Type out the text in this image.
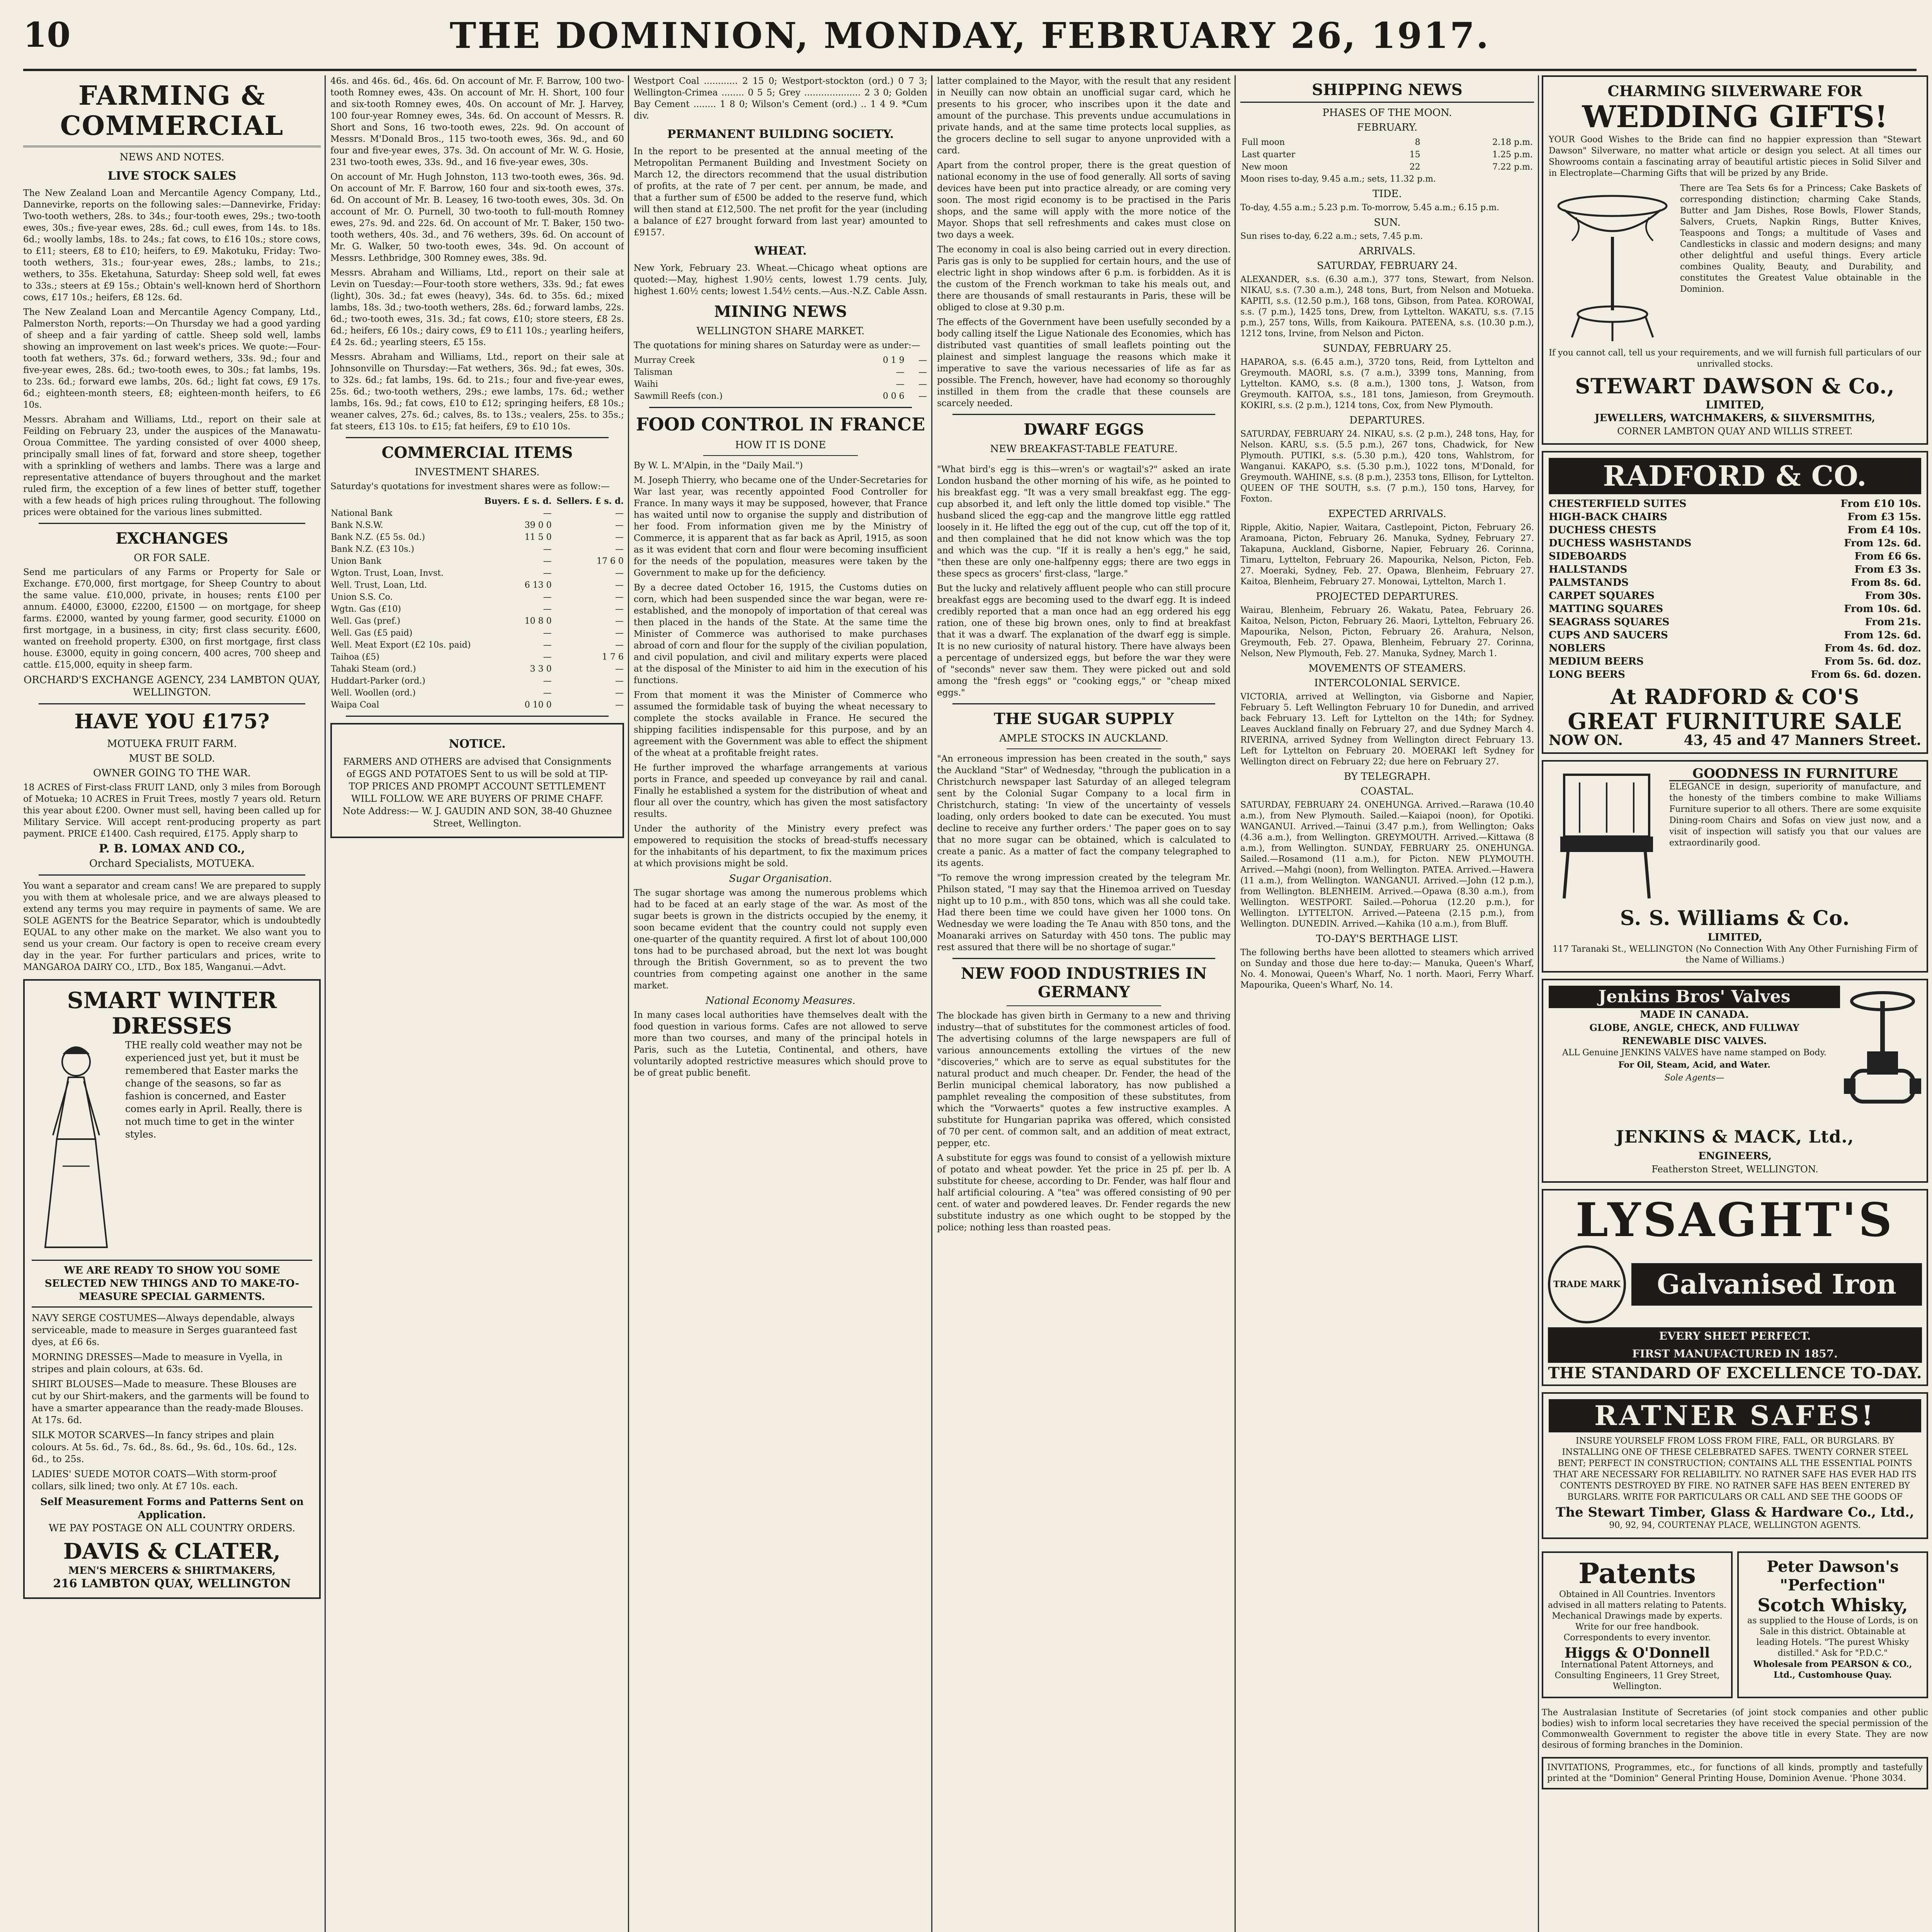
10	THE DOMINION, MONDAY, FEBRUARY 26, 1917.
FARMING & COMMERCIAL
NEWS AND NOTES.
LIVE STOCK SALES

The New Zealand Loan and Mercantile Agency Company, Ltd., Dannevirke, reports on the following sales:—Dannevirke, Friday: Two-tooth wethers, 28s. to 34s.; four-tooth ewes, 29s.; two-tooth ewes, 30s.; five-year ewes, 28s. 6d.; cull ewes, from 14s. to 18s. 6d.; woolly lambs, 18s. to 24s.; fat cows, to £16 10s.; store cows, to £11; steers, £8 to £10; heifers, to £9. Makotuku, Friday: Two-tooth wethers, 31s.; four-year ewes, 28s.; lambs, to 21s.; wethers, to 35s. Eketahuna, Saturday: Sheep sold well, fat ewes to 33s.; steers at £9 15s.; Obtain's well-known herd of Shorthorn cows, £17 10s.; heifers, £8 12s. 6d.

The New Zealand Loan and Mercantile Agency Company, Ltd., Palmerston North, reports:—On Thursday we had a good yarding of sheep and a fair yarding of cattle. Sheep sold well, lambs showing an improvement on last week's prices. We quote:—Four-tooth fat wethers, 37s. 6d.; forward wethers, 33s. 9d.; four and five-year ewes, 28s. 6d.; two-tooth ewes, to 30s.; fat lambs, 19s. to 23s. 6d.; forward ewe lambs, 20s. 6d.; light fat cows, £9 17s. 6d.; eighteen-month steers, £8; eighteen-month heifers, to £6 10s.

Messrs. Abraham and Williams, Ltd., report on their sale at Feilding on February 23, under the auspices of the Manawatu-Oroua Committee. The yarding consisted of over 4000 sheep, principally small lines of fat, forward and store sheep, together with a sprinkling of wethers and lambs. There was a large and representative attendance of buyers throughout and the market ruled firm, the exception of a few lines of better stuff, together with a few heads of high prices ruling throughout. The following prices were obtained for the various lines submitted.

EXCHANGES
OR FOR SALE.

Send me particulars of any Farms or Property for Sale or Exchange. £70,000, first mortgage, for Sheep Country to about the same value. £10,000, private, in houses; rents £100 per annum. £4000, £3000, £2200, £1500 — on mortgage, for sheep farms. £2000, wanted by young farmer, good security. £1000 on first mortgage, in a business, in city; first class security. £600, wanted on freehold property. £300, on first mortgage, first class house. £3000, equity in going concern, 400 acres, 700 sheep and cattle. £15,000, equity in sheep farm.

ORCHARD'S EXCHANGE AGENCY, 234 LAMBTON QUAY, WELLINGTON.
HAVE YOU £175?
MOTUEKA FRUIT FARM.
MUST BE SOLD.
OWNER GOING TO THE WAR.

18 ACRES of First-class FRUIT LAND, only 3 miles from Borough of Motueka; 10 ACRES in Fruit Trees, mostly 7 years old. Return this year about £200. Owner must sell, having been called up for Military Service. Will accept rent-producing property as part payment. PRICE £1400. Cash required, £175. Apply sharp to

P. B. LOMAX AND CO.,
Orchard Specialists, MOTUEKA.

You want a separator and cream cans! We are prepared to supply you with them at wholesale price, and we are always pleased to extend any terms you may require in payments of same. We are SOLE AGENTS for the Beatrice Separator, which is undoubtedly EQUAL to any other make on the market. We also want you to send us your cream. Our factory is open to receive cream every day in the year. For further particulars and prices, write to MANGAROA DAIRY CO., LTD., Box 185, Wanganui.—Advt.

SMART WINTER DRESSES
THE really cold weather may not be experienced just yet, but it must be remembered that Easter marks the change of the seasons, so far as fashion is concerned, and Easter comes early in April. Really, there is not much time to get in the winter styles.
WE ARE READY TO SHOW YOU SOME SELECTED NEW THINGS AND TO MAKE-TO-MEASURE SPECIAL GARMENTS.

NAVY SERGE COSTUMES—Always dependable, always serviceable, made to measure in Serges guaranteed fast dyes, at £6 6s.

MORNING DRESSES—Made to measure in Vyella, in stripes and plain colours, at 63s. 6d.

SHIRT BLOUSES—Made to measure. These Blouses are cut by our Shirt-makers, and the garments will be found to have a smarter appearance than the ready-made Blouses. At 17s. 6d.

SILK MOTOR SCARVES—In fancy stripes and plain colours. At 5s. 6d., 7s. 6d., 8s. 6d., 9s. 6d., 10s. 6d., 12s. 6d., to 25s.

LADIES' SUEDE MOTOR COATS—With storm-proof collars, silk lined; two only. At £7 10s. each.

Self Measurement Forms and Patterns Sent on Application.
WE PAY POSTAGE ON ALL COUNTRY ORDERS.
DAVIS & CLATER,
MEN'S MERCERS & SHIRTMAKERS,
216 LAMBTON QUAY, WELLINGTON

46s. and 46s. 6d., 46s. 6d. On account of Mr. F. Barrow, 100 two-tooth Romney ewes, 43s. On account of Mr. H. Short, 100 four and six-tooth Romney ewes, 40s. On account of Mr. J. Harvey, 100 four-year Romney ewes, 34s. 6d. On account of Messrs. R. Short and Sons, 16 two-tooth ewes, 22s. 9d. On account of Messrs. M'Donald Bros., 115 two-tooth ewes, 36s. 9d., and 60 four and five-year ewes, 37s. 3d. On account of Mr. W. G. Hosie, 231 two-tooth ewes, 33s. 9d., and 16 five-year ewes, 30s.

On account of Mr. Hugh Johnston, 113 two-tooth ewes, 36s. 9d. On account of Mr. F. Barrow, 160 four and six-tooth ewes, 37s. 6d. On account of Mr. B. Leasey, 16 two-tooth ewes, 30s. 3d. On account of Mr. O. Purnell, 30 two-tooth to full-mouth Romney ewes, 27s. 9d. and 22s. 6d. On account of Mr. T. Baker, 150 two-tooth wethers, 40s. 3d., and 76 wethers, 39s. 6d. On account of Mr. G. Walker, 50 two-tooth ewes, 34s. 9d. On account of Messrs. Lethbridge, 300 Romney ewes, 38s. 9d.

Messrs. Abraham and Williams, Ltd., report on their sale at Levin on Tuesday:—Four-tooth store wethers, 33s. 9d.; fat ewes (light), 30s. 3d.; fat ewes (heavy), 34s. 6d. to 35s. 6d.; mixed lambs, 18s. 3d.; two-tooth wethers, 28s. 6d.; forward lambs, 22s. 6d.; two-tooth ewes, 31s. 3d.; fat cows, £10; store steers, £8 2s. 6d.; heifers, £6 10s.; dairy cows, £9 to £11 10s.; yearling heifers, £4 2s. 6d.; yearling steers, £5 15s.

Messrs. Abraham and Williams, Ltd., report on their sale at Johnsonville on Thursday:—Fat wethers, 36s. 9d.; fat ewes, 30s. to 32s. 6d.; fat lambs, 19s. 6d. to 21s.; four and five-year ewes, 25s. 6d.; two-tooth wethers, 29s.; ewe lambs, 17s. 6d.; wether lambs, 16s. 9d.; fat cows, £10 to £12; springing heifers, £8 10s.; weaner calves, 27s. 6d.; calves, 8s. to 13s.; vealers, 25s. to 35s.; fat steers, £13 10s. to £15; fat heifers, £9 to £10 10s.

COMMERCIAL ITEMS
INVESTMENT SHARES.

Saturday's quotations for investment shares were as follow:—

	Buyers. £ s. d.	Sellers. £ s. d.
National Bank	—	—
Bank N.S.W.	39 0 0	—
Bank N.Z. (£5 5s. 0d.)	11 5 0	—
Bank N.Z. (£3 10s.)	—	—
Union Bank	—	17 6 0
Wgton. Trust, Loan, Invst.	—	—
Well. Trust, Loan, Ltd.	6 13 0	—
Union S.S. Co.	—	—
Wgtn. Gas (£10)	—	—
Well. Gas (pref.)	10 8 0	—
Well. Gas (£5 paid)	—	—
Well. Meat Export (£2 10s. paid)	—	—
Taihoa (£5)	—	1 7 6
Tahaki Steam (ord.)	3 3 0	—
Huddart-Parker (ord.)	—	—
Well. Woollen (ord.)	—	—
Waipa Coal	0 10 0	—
NOTICE.
FARMERS AND OTHERS are advised that Consignments of EGGS AND POTATOES Sent to us will be sold at TIP-TOP PRICES AND PROMPT ACCOUNT SETTLEMENT WILL FOLLOW. WE ARE BUYERS OF PRIME CHAFF. Note Address:— W. J. GAUDIN AND SON, 38-40 Ghuznee Street, Wellington.

Westport Coal ............ 2 15 0; Westport-stockton (ord.) 0 7 3; Wellington-Crimea ........ 0 5 5; Grey .................... 2 3 0; Golden Bay Cement ........ 1 8 0; Wilson's Cement (ord.) .. 1 4 9. *Cum div.

PERMANENT BUILDING SOCIETY.

In the report to be presented at the annual meeting of the Metropolitan Permanent Building and Investment Society on March 12, the directors recommend that the usual distribution of profits, at the rate of 7 per cent. per annum, be made, and that a further sum of £500 be added to the reserve fund, which will then stand at £12,500. The net profit for the year (including a balance of £27 brought forward from last year) amounted to £9157.

WHEAT.

New York, February 23. Wheat.—Chicago wheat options are quoted:—May, highest 1.90½ cents, lowest 1.79 cents. July, highest 1.60½ cents; lowest 1.54½ cents.—Aus.-N.Z. Cable Assn.

MINING NEWS
WELLINGTON SHARE MARKET.

The quotations for mining shares on Saturday were as under:—

Murray Creek	0 1 9	—
Talisman	—	—
Waihi	—	—
Sawmill Reefs (con.)	0 0 6	—
FOOD CONTROL IN FRANCE
HOW IT IS DONE

By W. L. M'Alpin, in the "Daily Mail.")

M. Joseph Thierry, who became one of the Under-Secretaries for War last year, was recently appointed Food Controller for France. In many ways it may be supposed, however, that France has waited until now to organise the supply and distribution of her food. From information given me by the Ministry of Commerce, it is apparent that as far back as April, 1915, as soon as it was evident that corn and flour were becoming insufficient for the needs of the population, measures were taken by the Government to make up for the deficiency.

By a decree dated October 16, 1915, the Customs duties on corn, which had been suspended since the war began, were re-established, and the monopoly of importation of that cereal was then placed in the hands of the State. At the same time the Minister of Commerce was authorised to make purchases abroad of corn and flour for the supply of the civilian population, and civil population, and civil and military experts were placed at the disposal of the Minister to aid him in the execution of his functions.

From that moment it was the Minister of Commerce who assumed the formidable task of buying the wheat necessary to complete the stocks available in France. He secured the shipping facilities indispensable for this purpose, and by an agreement with the Government was able to effect the shipment of the wheat at a profitable freight rates.

He further improved the wharfage arrangements at various ports in France, and speeded up conveyance by rail and canal. Finally he established a system for the distribution of wheat and flour all over the country, which has given the most satisfactory results.

Under the authority of the Ministry every prefect was empowered to requisition the stocks of bread-stuffs necessary for the inhabitants of his department, to fix the maximum prices at which provisions might be sold.

Sugar Organisation.

The sugar shortage was among the numerous problems which had to be faced at an early stage of the war. As most of the sugar beets is grown in the districts occupied by the enemy, it soon became evident that the country could not supply even one-quarter of the quantity required. A first lot of about 100,000 tons had to be purchased abroad, but the next lot was bought through the British Government, so as to prevent the two countries from competing against one another in the same market.

National Economy Measures.

In many cases local authorities have themselves dealt with the food question in various forms. Cafes are not allowed to serve more than two courses, and many of the principal hotels in Paris, such as the Lutetia, Continental, and others, have voluntarily adopted restrictive measures which should prove to be of great public benefit.

latter complained to the Mayor, with the result that any resident in Neuilly can now obtain an unofficial sugar card, which he presents to his grocer, who inscribes upon it the date and amount of the purchase. This prevents undue accumulations in private hands, and at the same time protects local supplies, as the grocers decline to sell sugar to anyone unprovided with a card.

Apart from the control proper, there is the great question of national economy in the use of food generally. All sorts of saving devices have been put into practice already, or are coming very soon. The most rigid economy is to be practised in the Paris shops, and the same will apply with the more notice of the Mayor. Shops that sell refreshments and cakes must close on two days a week.

The economy in coal is also being carried out in every direction. Paris gas is only to be supplied for certain hours, and the use of electric light in shop windows after 6 p.m. is forbidden. As it is the custom of the French workman to take his meals out, and there are thousands of small restaurants in Paris, these will be obliged to close at 9.30 p.m.

The effects of the Government have been usefully seconded by a body calling itself the Ligue Nationale des Economies, which has distributed vast quantities of small leaflets pointing out the plainest and simplest language the reasons which make it imperative to save the various necessaries of life as far as possible. The French, however, have had economy so thoroughly instilled in them from the cradle that these counsels are scarcely needed.

DWARF EGGS
NEW BREAKFAST-TABLE FEATURE.

"What bird's egg is this—wren's or wagtail's?" asked an irate London husband the other morning of his wife, as he pointed to his breakfast egg. "It was a very small breakfast egg. The egg-cup absorbed it, and left only the little domed top visible." The husband sliced the egg-cap and the mangrove little egg rattled loosely in it. He lifted the egg out of the cup, cut off the top of it, and then complained that he did not know which was the top and which was the cup. "If it is really a hen's egg," he said, "then these are only one-halfpenny eggs; there are two eggs in these specs as grocers' first-class, "large."

But the lucky and relatively affluent people who can still procure breakfast eggs are becoming used to the dwarf egg. It is indeed credibly reported that a man once had an egg ordered his egg ration, one of these big brown ones, only to find at breakfast that it was a dwarf. The explanation of the dwarf egg is simple. It is no new curiosity of natural history. There have always been a percentage of undersized eggs, but before the war they were of "seconds" never saw them. They were picked out and sold among the "fresh eggs" or "cooking eggs," or "cheap mixed eggs."

THE SUGAR SUPPLY
AMPLE STOCKS IN AUCKLAND.

"An erroneous impression has been created in the south," says the Auckland "Star" of Wednesday, "through the publication in a Christchurch newspaper last Saturday of an alleged telegram sent by the Colonial Sugar Company to a local firm in Christchurch, stating: 'In view of the uncertainty of vessels loading, only orders booked to date can be executed. You must decline to receive any further orders.' The paper goes on to say that no more sugar can be obtained, which is calculated to create a panic. As a matter of fact the company telegraphed to its agents.

"To remove the wrong impression created by the telegram Mr. Philson stated, "I may say that the Hinemoa arrived on Tuesday night up to 10 p.m., with 850 tons, which was all she could take. Had there been time we could have given her 1000 tons. On Wednesday we were loading the Te Anau with 850 tons, and the Moanaraki arrives on Saturday with 450 tons. The public may rest assured that there will be no shortage of sugar."

NEW FOOD INDUSTRIES IN GERMANY

The blockade has given birth in Germany to a new and thriving industry—that of substitutes for the commonest articles of food. The advertising columns of the large newspapers are full of various announcements extolling the virtues of the new "discoveries," which are to serve as equal substitutes for the natural product and much cheaper. Dr. Fender, the head of the Berlin municipal chemical laboratory, has now published a pamphlet revealing the composition of these substitutes, from which the "Vorwaerts" quotes a few instructive examples. A substitute for Hungarian paprika was offered, which consisted of 70 per cent. of common salt, and an addition of meat extract, pepper, etc.

A substitute for eggs was found to consist of a yellowish mixture of potato and wheat powder. Yet the price in 25 pf. per lb. A substitute for cheese, according to Dr. Fender, was half flour and half artificial colouring. A "tea" was offered consisting of 90 per cent. of water and powdered leaves. Dr. Fender regards the new substitute industry as one which ought to be stopped by the police; nothing less than roasted peas.

SHIPPING NEWS
PHASES OF THE MOON.
FEBRUARY.
Full moon	8	2.18 p.m.
Last quarter	15	1.25 p.m.
New moon	22	7.22 p.m.

Moon rises to-day, 9.45 a.m.; sets, 11.32 p.m.

TIDE.

To-day, 4.55 a.m.; 5.23 p.m. To-morrow, 5.45 a.m.; 6.15 p.m.

SUN.

Sun rises to-day, 6.22 a.m.; sets, 7.45 p.m.

ARRIVALS.
SATURDAY, FEBRUARY 24.

ALEXANDER, s.s. (6.30 a.m.), 377 tons, Stewart, from Nelson. NIKAU, s.s. (7.30 a.m.), 248 tons, Burt, from Nelson and Motueka. KAPITI, s.s. (12.50 p.m.), 168 tons, Gibson, from Patea. KOROWAI, s.s. (7 p.m.), 1425 tons, Drew, from Lyttelton. WAKATU, s.s. (7.15 p.m.), 257 tons, Wills, from Kaikoura. PATEENA, s.s. (10.30 p.m.), 1212 tons, Irvine, from Nelson and Picton.

SUNDAY, FEBRUARY 25.

HAPAROA, s.s. (6.45 a.m.), 3720 tons, Reid, from Lyttelton and Greymouth. MAORI, s.s. (7 a.m.), 3399 tons, Manning, from Lyttelton. KAMO, s.s. (8 a.m.), 1300 tons, J. Watson, from Greymouth. KAITOA, s.s., 181 tons, Jamieson, from Greymouth. KOKIRI, s.s. (2 p.m.), 1214 tons, Cox, from New Plymouth.

DEPARTURES.

SATURDAY, FEBRUARY 24. NIKAU, s.s. (2 p.m.), 248 tons, Hay, for Nelson. KARU, s.s. (5.5 p.m.), 267 tons, Chadwick, for New Plymouth. PUTIKI, s.s. (5.30 p.m.), 420 tons, Wahlstrom, for Wanganui. KAKAPO, s.s. (5.30 p.m.), 1022 tons, M'Donald, for Greymouth. WAHINE, s.s. (8 p.m.), 2353 tons, Ellison, for Lyttelton. QUEEN OF THE SOUTH, s.s. (7 p.m.), 150 tons, Harvey, for Foxton.

EXPECTED ARRIVALS.

Ripple, Akitio, Napier, Waitara, Castlepoint, Picton, February 26. Aramoana, Picton, February 26. Manuka, Sydney, February 27. Takapuna, Auckland, Gisborne, Napier, February 26. Corinna, Timaru, Lyttelton, February 26. Mapourika, Nelson, Picton, Feb. 27. Moeraki, Sydney, Feb. 27. Opawa, Blenheim, February 27. Kaitoa, Blenheim, February 27. Monowai, Lyttelton, March 1.

PROJECTED DEPARTURES.

Wairau, Blenheim, February 26. Wakatu, Patea, February 26. Kaitoa, Nelson, Picton, February 26. Maori, Lyttelton, February 26. Mapourika, Nelson, Picton, February 26. Arahura, Nelson, Greymouth, Feb. 27. Opawa, Blenheim, February 27. Corinna, Nelson, New Plymouth, Feb. 27. Manuka, Sydney, March 1.

MOVEMENTS OF STEAMERS.
INTERCOLONIAL SERVICE.

VICTORIA, arrived at Wellington, via Gisborne and Napier, February 5. Left Wellington February 10 for Dunedin, and arrived back February 13. Left for Lyttelton on the 14th; for Sydney. Leaves Auckland finally on February 27, and due Sydney March 4. RIVERINA, arrived Sydney from Wellington direct February 13. Left for Lyttelton on February 20. MOERAKI left Sydney for Wellington direct on February 22; due here on February 27.

BY TELEGRAPH.
COASTAL.

SATURDAY, FEBRUARY 24. ONEHUNGA. Arrived.—Rarawa (10.40 a.m.), from New Plymouth. Sailed.—Kaiapoi (noon), for Opotiki. WANGANUI. Arrived.—Tainui (3.47 p.m.), from Wellington; Oaks (4.36 a.m.), from Wellington. GREYMOUTH. Arrived.—Kittawa (8 a.m.), from Wellington. SUNDAY, FEBRUARY 25. ONEHUNGA. Sailed.—Rosamond (11 a.m.), for Picton. NEW PLYMOUTH. Arrived.—Mahgi (noon), from Wellington. PATEA. Arrived.—Hawera (11 a.m.), from Wellington. WANGANUI. Arrived.—John (12 p.m.), from Wellington. BLENHEIM. Arrived.—Opawa (8.30 a.m.), from Wellington. WESTPORT. Sailed.—Pohorua (12.20 p.m.), for Wellington. LYTTELTON. Arrived.—Pateena (2.15 p.m.), from Wellington. DUNEDIN. Arrived.—Kahika (10 a.m.), from Bluff.

TO-DAY'S BERTHAGE LIST.

The following berths have been allotted to steamers which arrived on Sunday and those due here to-day:— Manuka, Queen's Wharf, No. 4. Monowai, Queen's Wharf, No. 1 north. Maori, Ferry Wharf. Mapourika, Queen's Wharf, No. 14.

CHARMING SILVERWARE FOR
WEDDING GIFTS!
YOUR Good Wishes to the Bride can find no happier expression than "Stewart Dawson" Silverware, no matter what article or design you select. At all times our Showrooms contain a fascinating array of beautiful artistic pieces in Solid Silver and in Electroplate—Charming Gifts that will be prized by any Bride.
There are Tea Sets 6s for a Princess; Cake Baskets of corresponding distinction; charming Cake Stands, Butter and Jam Dishes, Rose Bowls, Flower Stands, Salvers, Cruets, Napkin Rings, Butter Knives, Teaspoons and Tongs; a multitude of Vases and Candlesticks in classic and modern designs; and many other delightful and useful things. Every article combines Quality, Beauty, and Durability, and constitutes the Greatest Value obtainable in the Dominion.
If you cannot call, tell us your requirements, and we will furnish full particulars of our unrivalled stocks.
STEWART DAWSON & Co.,
LIMITED,
JEWELLERS, WATCHMAKERS, & SILVERSMITHS,
CORNER LAMBTON QUAY AND WILLIS STREET.
RADFORD & CO.
CHESTERFIELD SUITES	From £10 10s.
HIGH-BACK CHAIRS	From £3 15s.
DUCHESS CHESTS	From £4 10s.
DUCHESS WASHSTANDS	From 12s. 6d.
SIDEBOARDS	From £6 6s.
HALLSTANDS	From £3 3s.
PALMSTANDS	From 8s. 6d.
CARPET SQUARES	From 30s.
MATTING SQUARES	From 10s. 6d.
SEAGRASS SQUARES	From 21s.
CUPS AND SAUCERS	From 12s. 6d.
NOBLERS	From 4s. 6d. doz.
MEDIUM BEERS	From 5s. 6d. doz.
LONG BEERS	From 6s. 6d. dozen.
At RADFORD & CO'S
GREAT FURNITURE SALE
NOW ON.	43, 45 and 47 Manners Street.
GOODNESS IN FURNITURE
ELEGANCE in design, superiority of manufacture, and the honesty of the timbers combine to make Williams Furniture superior to all others. There are some exquisite Dining-room Chairs and Sofas on view just now, and a visit of inspection will satisfy you that our values are extraordinarily good.
S. S. Williams & Co.
LIMITED,
117 Taranaki St., WELLINGTON (No Connection With Any Other Furnishing Firm of the Name of Williams.)
Jenkins Bros' Valves
MADE IN CANADA.
GLOBE, ANGLE, CHECK, AND FULLWAY
RENEWABLE DISC VALVES.
ALL Genuine JENKINS VALVES have name stamped on Body.
For Oil, Steam, Acid, and Water.
Sole Agents—
JENKINS & MACK, Ltd.,
ENGINEERS,
Featherston Street, WELLINGTON.
LYSAGHT'S
TRADE MARK	Galvanised Iron
EVERY SHEET PERFECT.
FIRST MANUFACTURED IN 1857.
THE STANDARD OF EXCELLENCE TO-DAY.
RATNER SAFES!
INSURE YOURSELF FROM LOSS FROM FIRE, FALL, OR BURGLARS. BY INSTALLING ONE OF THESE CELEBRATED SAFES. TWENTY CORNER STEEL BENT; PERFECT IN CONSTRUCTION; CONTAINS ALL THE ESSENTIAL POINTS THAT ARE NECESSARY FOR RELIABILITY. NO RATNER SAFE HAS EVER HAD ITS CONTENTS DESTROYED BY FIRE. NO RATNER SAFE HAS BEEN ENTERED BY BURGLARS. WRITE FOR PARTICULARS OR CALL AND SEE THE GOODS OF
The Stewart Timber, Glass & Hardware Co., Ltd.,
90, 92, 94, COURTENAY PLACE, WELLINGTON AGENTS.
Patents
Obtained in All Countries. Inventors advised in all matters relating to Patents. Mechanical Drawings made by experts. Write for our free handbook. Correspondents to every inventor.
Higgs & O'Donnell
International Patent Attorneys, and Consulting Engineers, 11 Grey Street, Wellington.
Peter Dawson's
"Perfection"
Scotch Whisky,
as supplied to the House of Lords, is on Sale in this district. Obtainable at leading Hotels. "The purest Whisky distilled." Ask for "P.D.C."
Wholesale from PEARSON & CO., Ltd., Customhouse Quay.
The Australasian Institute of Secretaries (of joint stock companies and other public bodies) wish to inform local secretaries they have received the special permission of the Commonwealth Government to register the above title in every State. They are now desirous of forming branches in the Dominion.
INVITATIONS, Programmes, etc., for functions of all kinds, promptly and tastefully printed at the "Dominion" General Printing House, Dominion Avenue. 'Phone 3034.
